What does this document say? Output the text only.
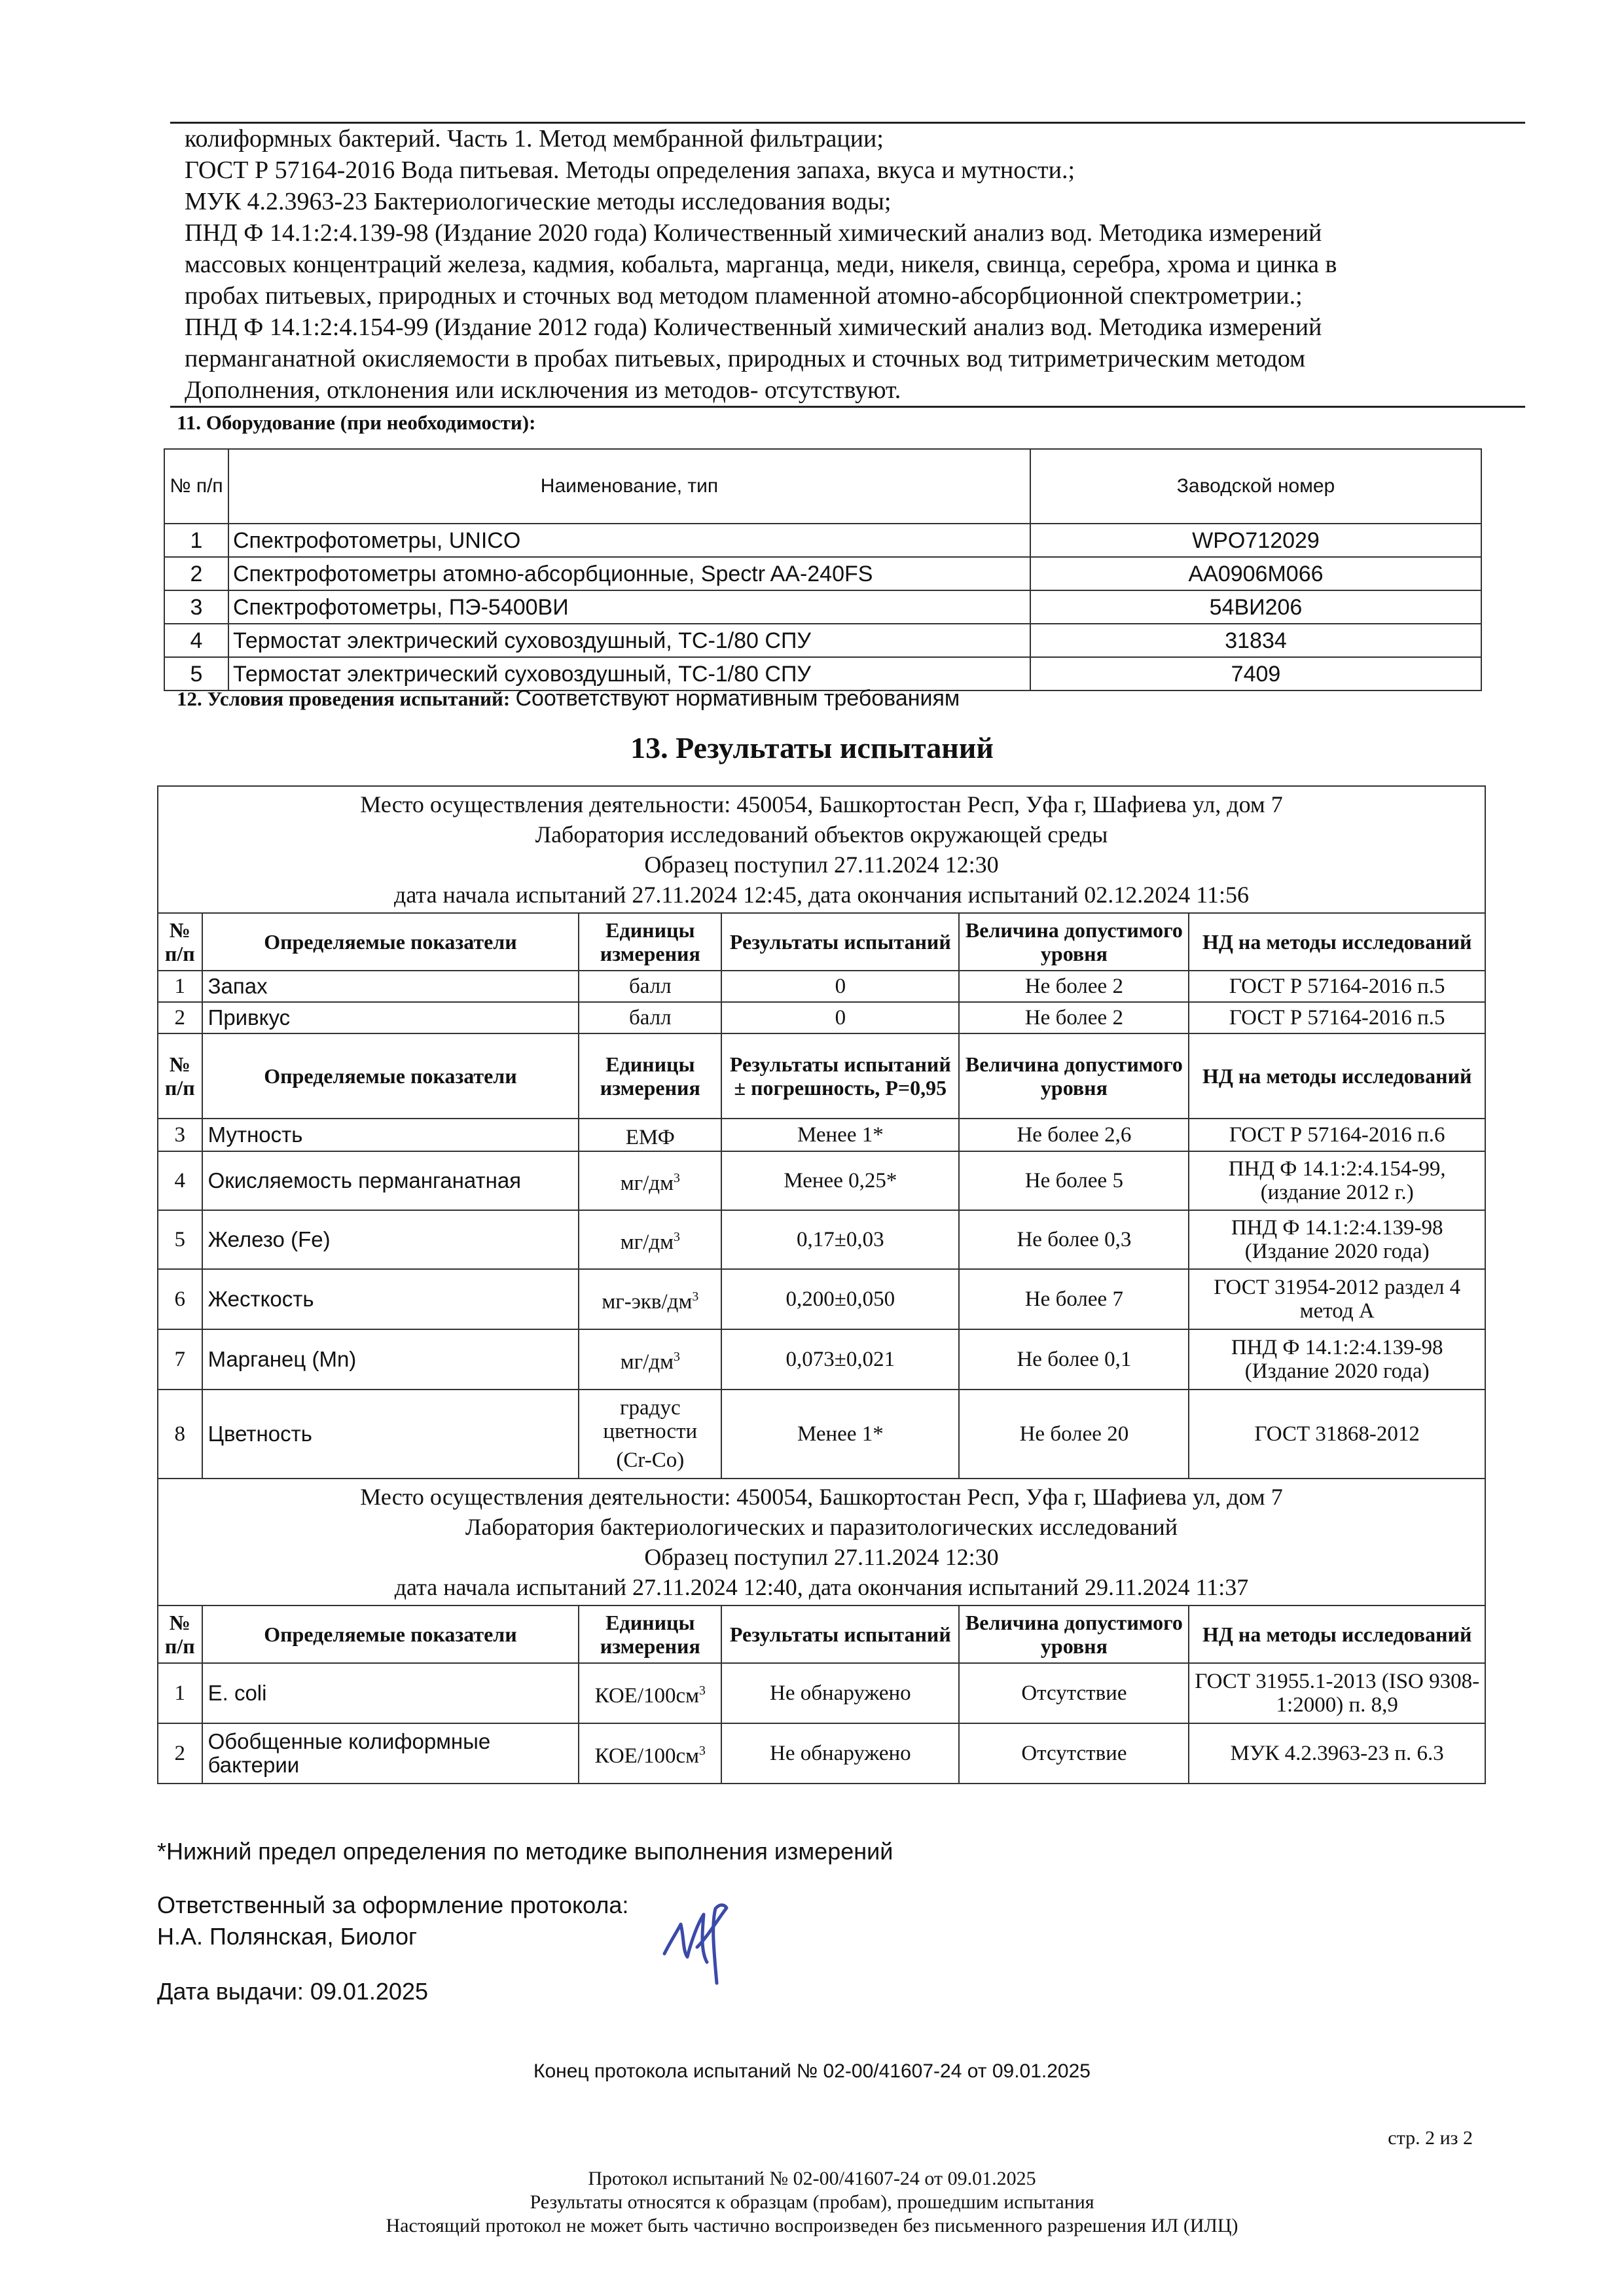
колиформных бактерий. Часть 1. Метод мембранной фильтрации;
ГОСТ Р 57164-2016 Вода питьевая. Методы определения запаха, вкуса и мутности.;
МУК 4.2.3963-23 Бактериологические методы исследования воды;
ПНД Ф 14.1:2:4.139-98 (Издание 2020 года) Количественный химический анализ вод. Методика измерений
массовых концентраций железа, кадмия, кобальта, марганца, меди, никеля, свинца, серебра, хрома и цинка в
пробах питьевых, природных и сточных вод методом пламенной атомно-абсорбционной спектрометрии.;
ПНД Ф 14.1:2:4.154-99 (Издание 2012 года) Количественный химический анализ вод. Методика измерений
перманганатной окисляемости в пробах питьевых, природных и сточных вод титриметрическим методом
Дополнения, отклонения или исключения из методов- отсутствуют.
11. Оборудование (при необходимости):
№ п/п	Наименование, тип	Заводской номер
1	Спектрофотометры, UNICO	WPO712029
2	Спектрофотометры атомно-абсорбционные, Spectr AA-240FS	AA0906M066
3	Спектрофотометры, ПЭ-5400ВИ	54ВИ206
4	Термостат электрический суховоздушный, ТС-1/80 СПУ	31834
5	Термостат электрический суховоздушный, ТС-1/80 СПУ	7409
12. Условия проведения испытаний: Соответствуют нормативным требованиям
13. Результаты испытаний
Место осуществления деятельности: 450054, Башкортостан Респ, Уфа г, Шафиева ул, дом 7
Лаборатория исследований объектов окружающей среды
Образец поступил 27.11.2024 12:30
дата начала испытаний 27.11.2024 12:45, дата окончания испытаний 02.12.2024 11:56					

№ п/п	Определяемые показатели	Единицы измерения	Результаты испытаний	Величина допустимого уровня	НД на методы исследований
1	Запах	балл	0	Не более 2	ГОСТ Р 57164-2016 п.5
2	Привкус	балл	0	Не более 2	ГОСТ Р 57164-2016 п.5
№ п/п	Определяемые показатели	Единицы измерения	Результаты испытаний ± погрешность, P=0,95	Величина допустимого уровня	НД на методы исследований
3	Мутность	ЕМФ	Менее 1*	Не более 2,6	ГОСТ Р 57164-2016 п.6
4	Окисляемость перманганатная	$мг/дм^3$	Менее 0,25*	Не более 5	ПНД Ф 14.1:2:4.154-99, (издание 2012 г.)
5	Железо (Fe)	$мг/дм^3$	0,17±0,03	Не более 0,3	ПНД Ф 14.1:2:4.139-98 (Издание 2020 года)
6	Жесткость	$мг-экв/дм^3$	0,200±0,050	Не более 7	ГОСТ 31954-2012 раздел 4 метод А
7	Марганец (Mn)	$мг/дм^3$	0,073±0,021	Не более 0,1	ПНД Ф 14.1:2:4.139-98 (Издание 2020 года)
8	Цветность	градус цветности (Cr-Co)	Менее 1*	Не более 20	ГОСТ 31868-2012

Место осуществления деятельности: 450054, Башкортостан Респ, Уфа г, Шафиева ул, дом 7
Лаборатория бактериологических и паразитологических исследований
Образец поступил 27.11.2024 12:30
дата начала испытаний 27.11.2024 12:40, дата окончания испытаний 29.11.2024 11:37					

№ п/п	Определяемые показатели	Единицы измерения	Результаты испытаний	Величина допустимого уровня	НД на методы исследований
1	E. coli	КОЕ/$100см^3$	Не обнаружено	Отсутствие	ГОСТ 31955.1-2013 (ISO 9308-1:2000) п. 8,9
2	Обобщенные колиформные бактерии	КОЕ/$100см^3$	Не обнаружено	Отсутствие	МУК 4.2.3963-23 п. 6.3
*Нижний предел определения по методике выполнения измерений
Ответственный за оформление протокола:
Н.А. Полянская, Биолог
Дата выдачи: 09.01.2025
Конец протокола испытаний № 02-00/41607-24 от 09.01.2025
стр. 2 из 2
Протокол испытаний № 02-00/41607-24 от 09.01.2025
Результаты относятся к образцам (пробам), прошедшим испытания
Настоящий протокол не может быть частично воспроизведен без письменного разрешения ИЛ (ИЛЦ)
